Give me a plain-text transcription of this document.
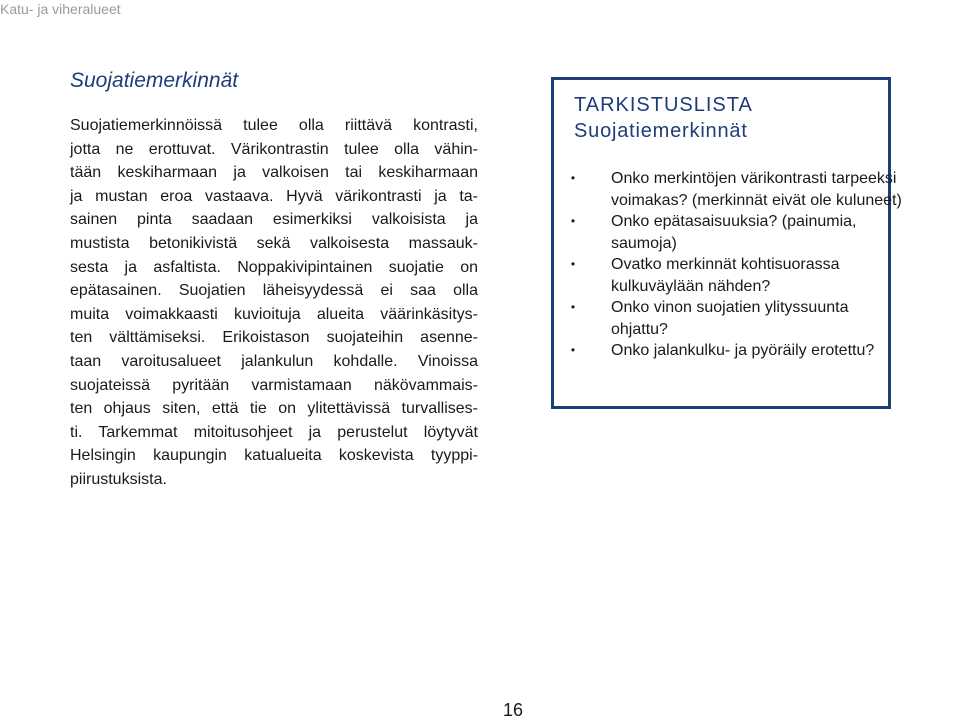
Katu- ja viheralueet
Suojatiemerkinnät
Suojatiemerkinnöissä tulee olla riittävä kontrasti,
jotta ne erottuvat. Värikontrastin tulee olla vähin-
tään keskiharmaan ja valkoisen tai keskiharmaan
ja mustan eroa vastaava. Hyvä värikontrasti ja ta-
sainen pinta saadaan esimerkiksi valkoisista ja
mustista betonikivistä sekä valkoisesta massauk-
sesta ja asfaltista. Noppakivipintainen suojatie on
epätasainen. Suojatien läheisyydessä ei saa olla
muita voimakkaasti kuvioituja alueita väärinkäsitys-
ten välttämiseksi. Erikoistason suojateihin asenne-
taan varoitusalueet jalankulun kohdalle. Vinoissa
suojateissä pyritään varmistamaan näkövammais-
ten ohjaus siten, että tie on ylitettävissä turvallises-
ti. Tarkemmat mitoitusohjeet ja perustelut löytyvät
Helsingin kaupungin katualueita koskevista tyyppi-
piirustuksista.
TARKISTUSLISTA
Suojatiemerkinnät
• Onko merkintöjen värikontrasti tarpeeksi
voimakas? (merkinnät eivät ole kuluneet)
• Onko epätasaisuuksia? (painumia,
saumoja)
• Ovatko merkinnät kohtisuorassa
kulkuväylään nähden?
• Onko vinon suojatien ylityssuunta
ohjattu?
• Onko jalankulku- ja pyöräily erotettu?
16
